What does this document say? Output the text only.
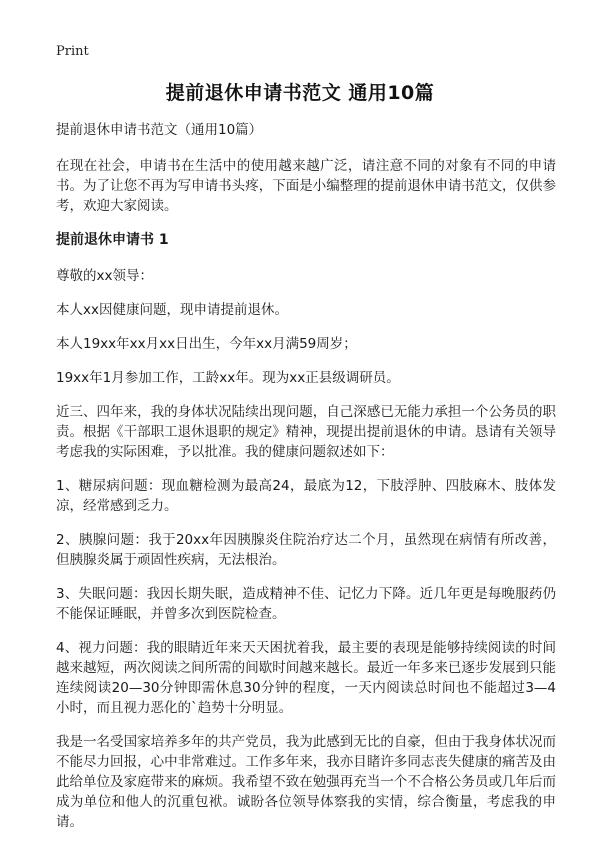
Print
提前退休申请书范文 通用10篇

提前退休申请书范文（通用10篇）

在现在社会，申请书在生活中的使用越来越广泛，请注意不同的对象有不同的申请书。为了让您不再为写申请书头疼，下面是小编整理的提前退休申请书范文，仅供参考，欢迎大家阅读。

提前退休申请书 1

尊敬的xx领导：

本人xx因健康问题，现申请提前退休。

本人19xx年xx月xx日出生，今年xx月满59周岁；

19xx年1月参加工作，工龄xx年。现为xx正县级调研员。

近三、四年来，我的身体状况陆续出现问题，自己深感已无能力承担一个公务员的职责。根据《干部职工退休退职的规定》精神，现提出提前退休的申请。恳请有关领导考虑我的实际困难，予以批准。我的健康问题叙述如下：

1、糖尿病问题：现血糖检测为最高24，最底为12，下肢浮肿、四肢麻木、肢体发凉，经常感到乏力。

2、胰腺问题：我于20xx年因胰腺炎住院治疗达二个月，虽然现在病情有所改善，但胰腺炎属于顽固性疾病，无法根治。

3、失眠问题：我因长期失眠，造成精神不佳、记忆力下降。近几年更是每晚服药仍不能保证睡眠，并曾多次到医院检查。

4、视力问题：我的眼睛近年来天天困扰着我，最主要的表现是能够持续阅读的时间越来越短，两次阅读之间所需的间歇时间越来越长。最近一年多来已逐步发展到只能连续阅读20—30分钟即需休息30分钟的程度，一天内阅读总时间也不能超过3—4小时，而且视力恶化的`趋势十分明显。

我是一名受国家培养多年的共产党员，我为此感到无比的自豪，但由于我身体状况而不能尽力回报，心中非常难过。工作多年来，我亦目睹许多同志丧失健康的痛苦及由此给单位及家庭带来的麻烦。我希望不致在勉强再充当一个不合格公务员或几年后而成为单位和他人的沉重包袱。诚盼各位领导体察我的实情，综合衡量，考虑我的申请。
